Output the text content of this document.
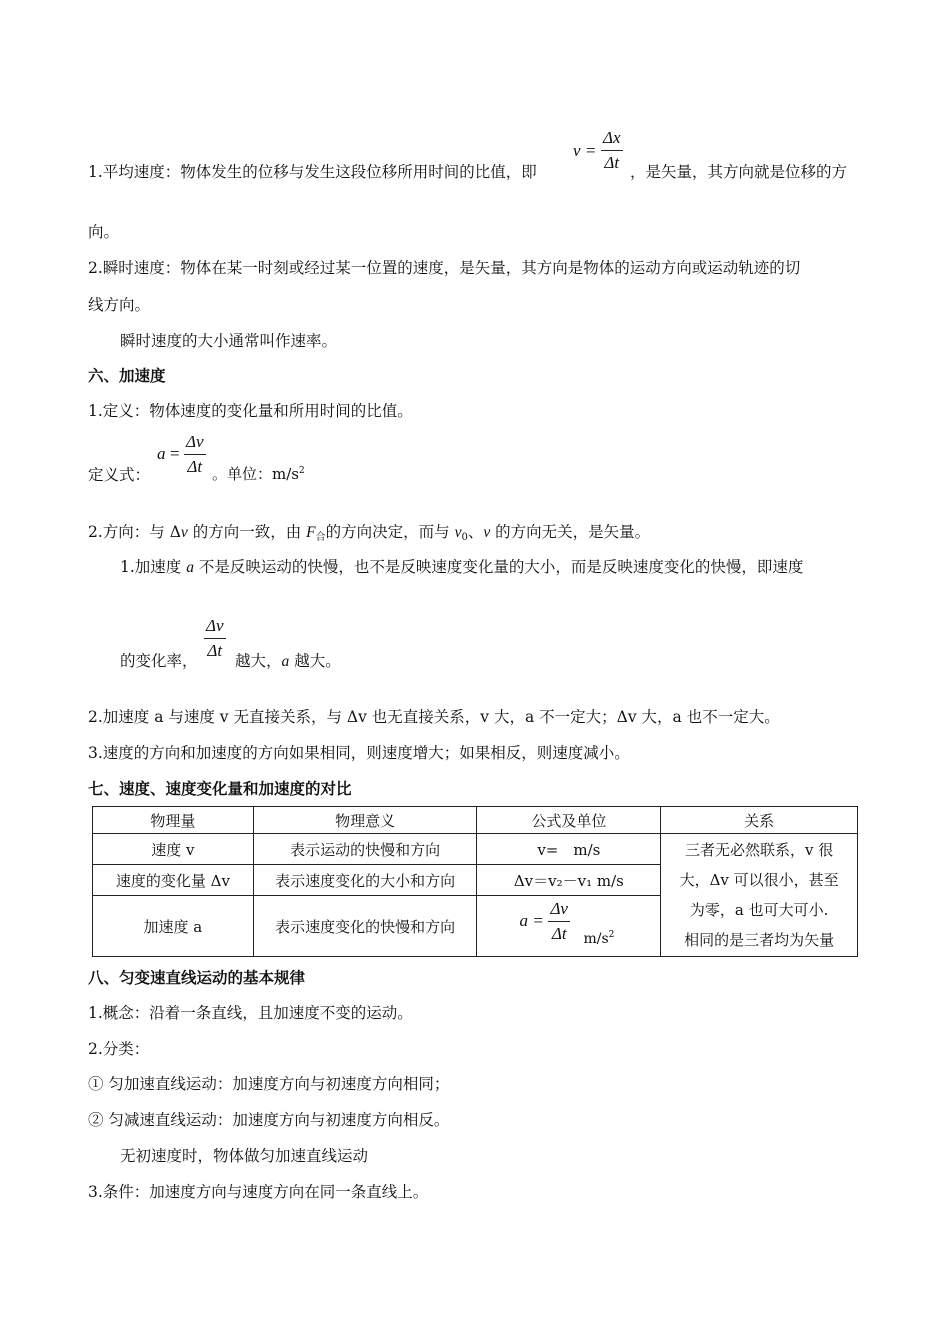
1.平均速度：物体发生的位移与发生这段位移所用时间的比值，即
v =
Δx
Δt ，是矢量，其方向就是位移的方
向。
2.瞬时速度：物体在某一时刻或经过某一位置的速度，是矢量，其方向是物体的运动方向或运动轨迹的切
线方向。
瞬时速度的大小通常叫作速率。
六、加速度
1.定义：物体速度的变化量和所用时间的比值。
定义式：
a =
Δv
Δt 。单位：$m/s^2$
2.方向：与 Δv 的方向一致，由 $F_合$的方向决定，而与 $v_0$、v 的方向无关，是矢量。
1.加速度 a 不是反映运动的快慢，也不是反映速度变化量的大小，而是反映速度变化的快慢，即速度
的变化率，
Δv
Δt
越大，a 越大。
2.加速度 a 与速度 v 无直接关系，与 Δv 也无直接关系，v 大，a 不一定大；Δv 大，a 也不一定大。
3.速度的方向和加速度的方向如果相同，则速度增大；如果相反，则速度减小。
七、速度、速度变化量和加速度的对比
物理量	物理意义	公式及单位	关系
速度 v	表示运动的快慢和方向	v=　m/s	三者无必然联系，v 很
大，Δv 可以很小，甚至
为零，a 也可大可小.
相同的是三者均为矢量

速度的变化量 Δv	表示速度变化的大小和方向	Δv＝v₂－v₁ m/s	
加速度 a	表示速度变化的快慢和方向	a =
Δv
Δt $m/s^2$
八、匀变速直线运动的基本规律
1.概念：沿着一条直线，且加速度不变的运动。
2.分类：
① 匀加速直线运动：加速度方向与初速度方向相同；
② 匀减速直线运动：加速度方向与初速度方向相反。
无初速度时，物体做匀加速直线运动
3.条件：加速度方向与速度方向在同一条直线上。
